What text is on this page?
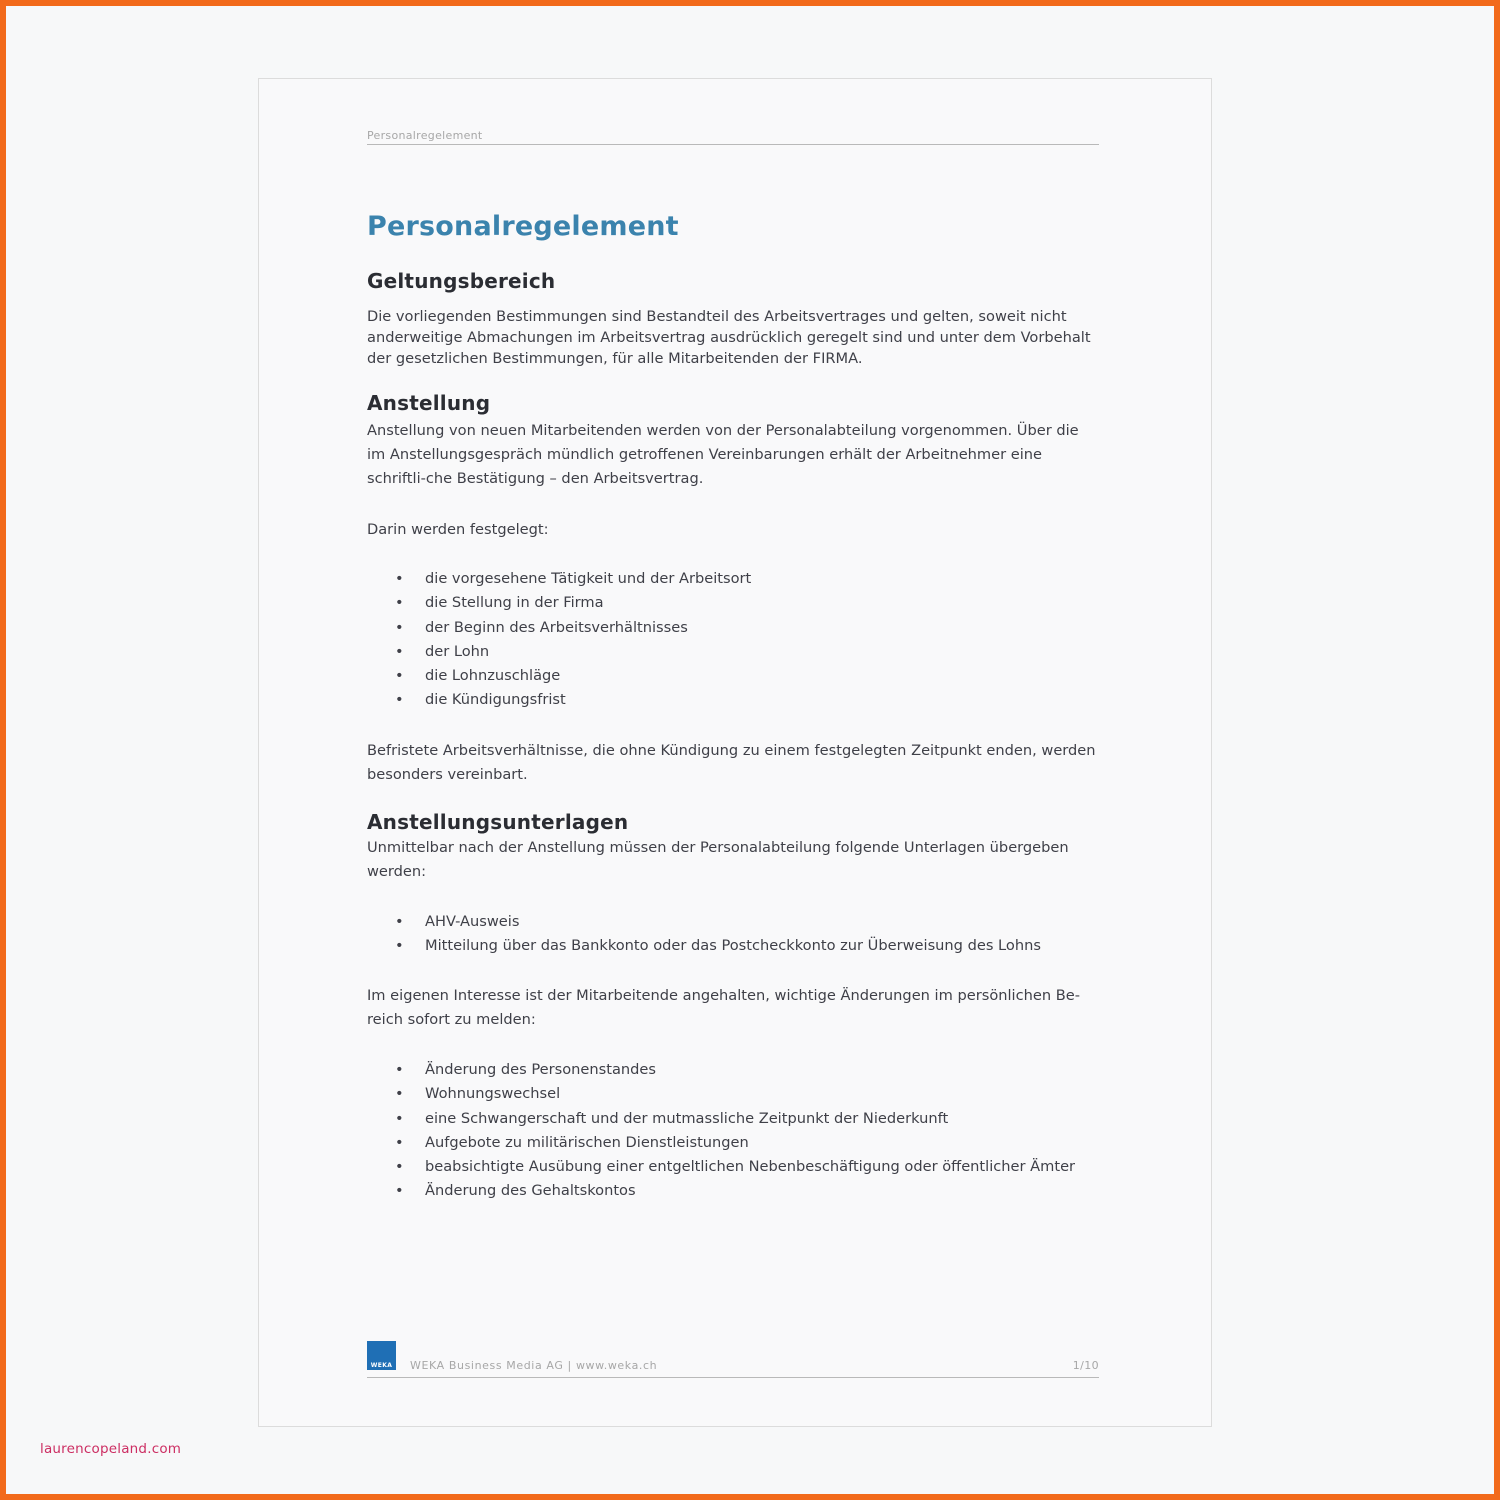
Personalregelement
Personalregelement
Geltungsbereich

Die vorliegenden Bestimmungen sind Bestandteil des Arbeitsvertrages und gelten, soweit nicht anderweitige Abmachungen im Arbeitsvertrag ausdrücklich geregelt sind und unter dem Vorbehalt der gesetzlichen Bestimmungen, für alle Mitarbeitenden der FIRMA.

Anstellung

Anstellung von neuen Mitarbeitenden werden von der Personalabteilung vorgenommen. Über die im Anstellungsgespräch mündlich getroffenen Vereinbarungen erhält der Arbeitnehmer eine schriftli-che Bestätigung – den Arbeitsvertrag.

Darin werden festgelegt:

• die vorgesehene Tätigkeit und der Arbeitsort
• die Stellung in der Firma
• der Beginn des Arbeitsverhältnisses
• der Lohn
• die Lohnzuschläge
• die Kündigungsfrist

Befristete Arbeitsverhältnisse, die ohne Kündigung zu einem festgelegten Zeitpunkt enden, werden besonders vereinbart.

Anstellungsunterlagen

Unmittelbar nach der Anstellung müssen der Personalabteilung folgende Unterlagen übergeben werden:

• AHV-Ausweis
• Mitteilung über das Bankkonto oder das Postcheckkonto zur Überweisung des Lohns

Im eigenen Interesse ist der Mitarbeitende angehalten, wichtige Änderungen im persönlichen Be-reich sofort zu melden:

• Änderung des Personenstandes
• Wohnungswechsel
• eine Schwangerschaft und der mutmassliche Zeitpunkt der Niederkunft
• Aufgebote zu militärischen Dienstleistungen
• beabsichtigte Ausübung einer entgeltlichen Nebenbeschäftigung oder öffentlicher Ämter
• Änderung des Gehaltskontos
WEKA	WEKA Business Media AG | www.weka.ch	1/10
laurencopeland.com
